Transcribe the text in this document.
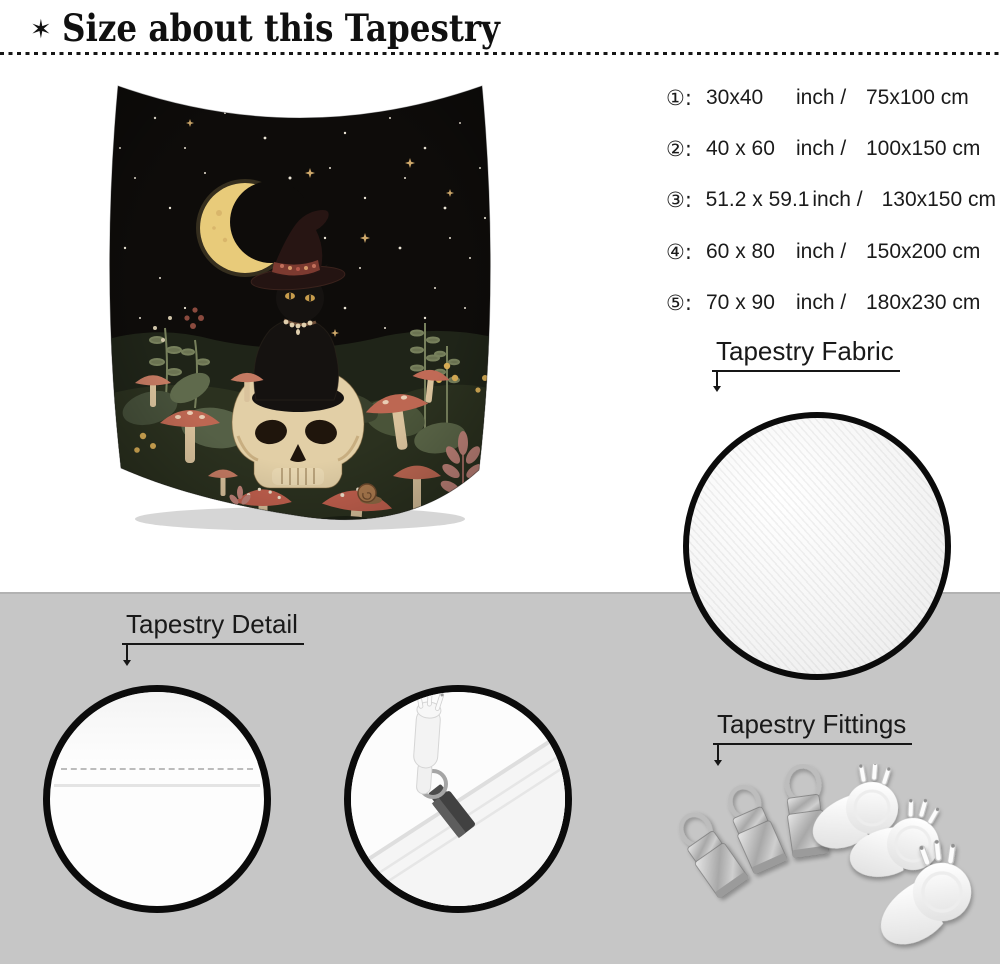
✶ Size about this Tapestry
①: 30x40	inch / 75x100 cm
②: 40 x 60	inch / 100x150 cm
③: 51.2 x 59.1 inch / 130x150 cm
④: 60 x 80	inch / 150x200 cm
⑤: 70 x 90	inch / 180x230 cm
Tapestry Fabric
Tapestry Detail
Tapestry Fittings
